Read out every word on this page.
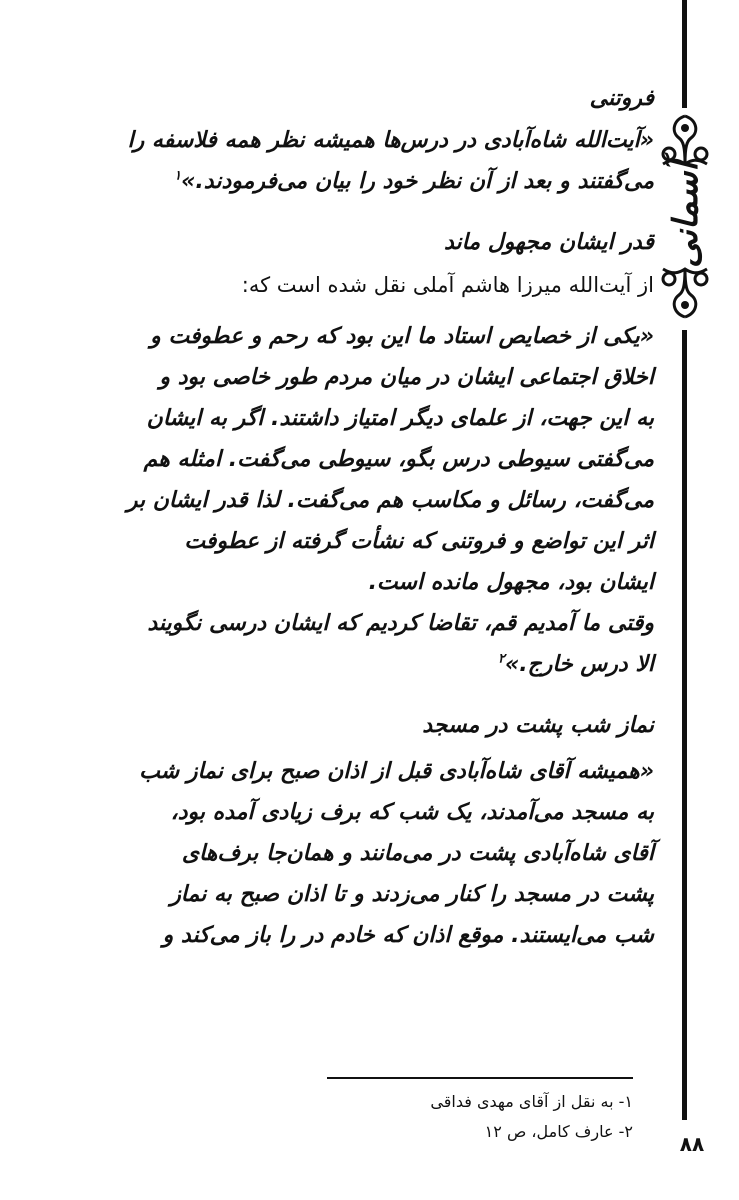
آسمانی
فروتنی

«آیت‌الله شاه‌آبادی در درس‌ها همیشه نظر همه فلاسفه را
می‌گفتند و بعد از آن نظر خود را بیان می‌فرمودند.»$^۱$

قدر ایشان مجهول ماند

از آیت‌الله میرزا هاشم آملی نقل شده است که:

«یکی از خصایص استاد ما این بود که رحم و عطوفت و
اخلاق اجتماعی ایشان در میان مردم طور خاصی بود و
به این جهت، از علمای دیگر امتیاز داشتند. اگر به ایشان
می‌گفتی سیوطی درس بگو، سیوطی می‌گفت. امثله هم
می‌گفت، رسائل و مکاسب هم می‌گفت. لذا قدر ایشان بر
اثر این تواضع و فروتنی که نشأت گرفته از عطوفت
ایشان بود، مجهول مانده است.
وقتی ما آمدیم قم، تقاضا کردیم که ایشان درسی نگویند
الا درس خارج.»$^۲$

نماز شب پشت در مسجد

«همیشه آقای شاه‌آبادی قبل از اذان صبح برای نماز شب
به مسجد می‌آمدند، یک شب که برف زیادی آمده بود،
آقای شاه‌آبادی پشت در می‌مانند و همان‌جا برف‌های
پشت در مسجد را کنار می‌زدند و تا اذان صبح به نماز
شب می‌ایستند. موقع اذان که خادم در را باز می‌کند و

۱- به نقل از آقای مهدی فداقی
۲- عارف کامل، ص ۱۲
۸۸
